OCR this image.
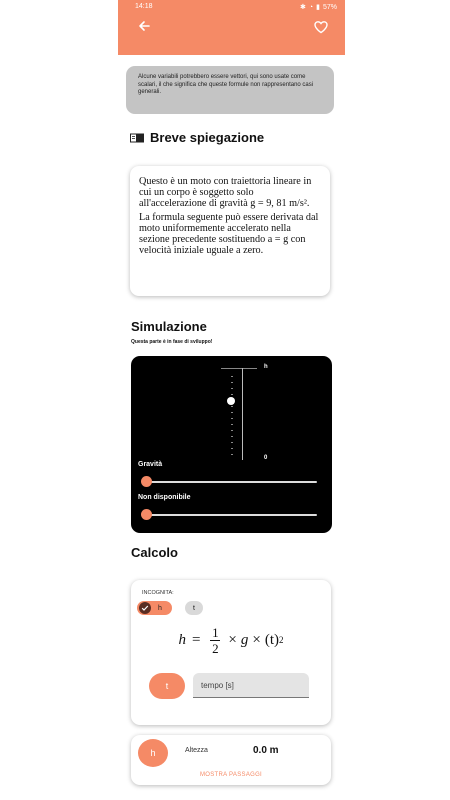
14:18	✱ ◔ ▮ 57%
Alcune variabili potrebbero essere vettori, qui sono usate come scalari, il che significa che queste formule non rappresentano casi generali.
Breve spiegazione

Questo è un moto con traiettoria lineare in cui un corpo è soggetto solo all'accelerazione di gravità g = 9, 81 m/s².

La formula seguente può essere derivata dal moto uniformemente accelerato nella sezione precedente sostituendo a = g con velocità iniziale uguale a zero.

Simulazione
Questa parte è in fase di sviluppo!
h
0
Gravità
Non disponibile
Calcolo
INCOGNITA:
h	t
$h = \frac{1}{2} \times g \times (t)$ 2
t	tempo [s]
h	Altezza	0.0 m
MOSTRA PASSAGGI
